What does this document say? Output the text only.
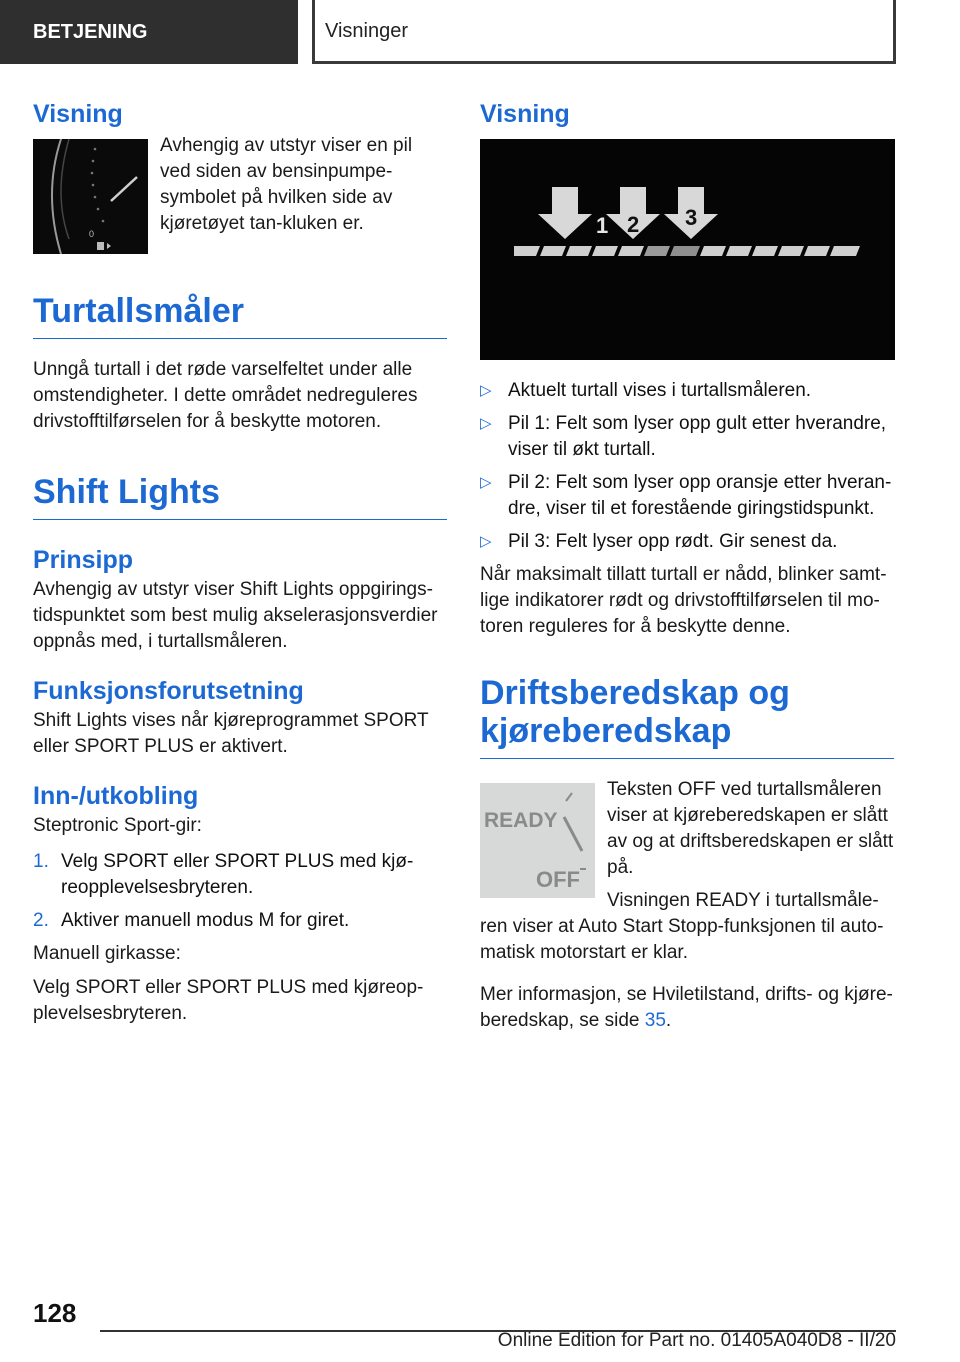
BETJENING	Visninger
Visning
0

Avhengig av utstyr viser en pil ved siden av bensinpumpe-symbolet på hvilken side av kjøretøyet tan-kluken er.

Turtallsmåler

Unngå turtall i det røde varselfeltet under alle omstendigheter. I dette området nedreguleres drivstofftilførselen for å beskytte motoren.

Shift Lights
Prinsipp

Avhengig av utstyr viser Shift Lights oppgirings-tidspunktet som best mulig akselerasjonsverdier oppnås med, i turtallsmåleren.

Funksjonsforutsetning

Shift Lights vises når kjøreprogrammet SPORT eller SPORT PLUS er aktivert.

Inn-/utkobling

Steptronic Sport-gir:

1. Velg SPORT eller SPORT PLUS med kjø-reopplevelsesbryteren.
2. Aktiver manuell modus M for giret.

Manuell girkasse:

Velg SPORT eller SPORT PLUS med kjøreop-plevelsesbryteren.

Visning
1 2 3
▷ Aktuelt turtall vises i turtallsmåleren.
▷ Pil 1: Felt som lyser opp gult etter hverandre, viser til økt turtall.
▷ Pil 2: Felt som lyser opp oransje etter hveran-dre, viser til et forestående giringstidspunkt.
▷ Pil 3: Felt lyser opp rødt. Gir senest da.

Når maksimalt tillatt turtall er nådd, blinker samt-lige indikatorer rødt og drivstofftilførselen til mo-toren reguleres for å beskytte denne.

Driftsberedskap og kjøreberedskap
READY
OFF

Teksten OFF ved turtallsmåleren viser at kjøreberedskapen er slått av og at driftsberedskapen er slått på.

Visningen READY i turtallsmåle-ren viser at Auto Start Stopp-funksjonen til auto-matisk motorstart er klar.

Mer informasjon, se Hviletilstand, drifts- og kjøre-beredskap, se side 35.

128
Online Edition for Part no. 01405A040D8 - II/20
